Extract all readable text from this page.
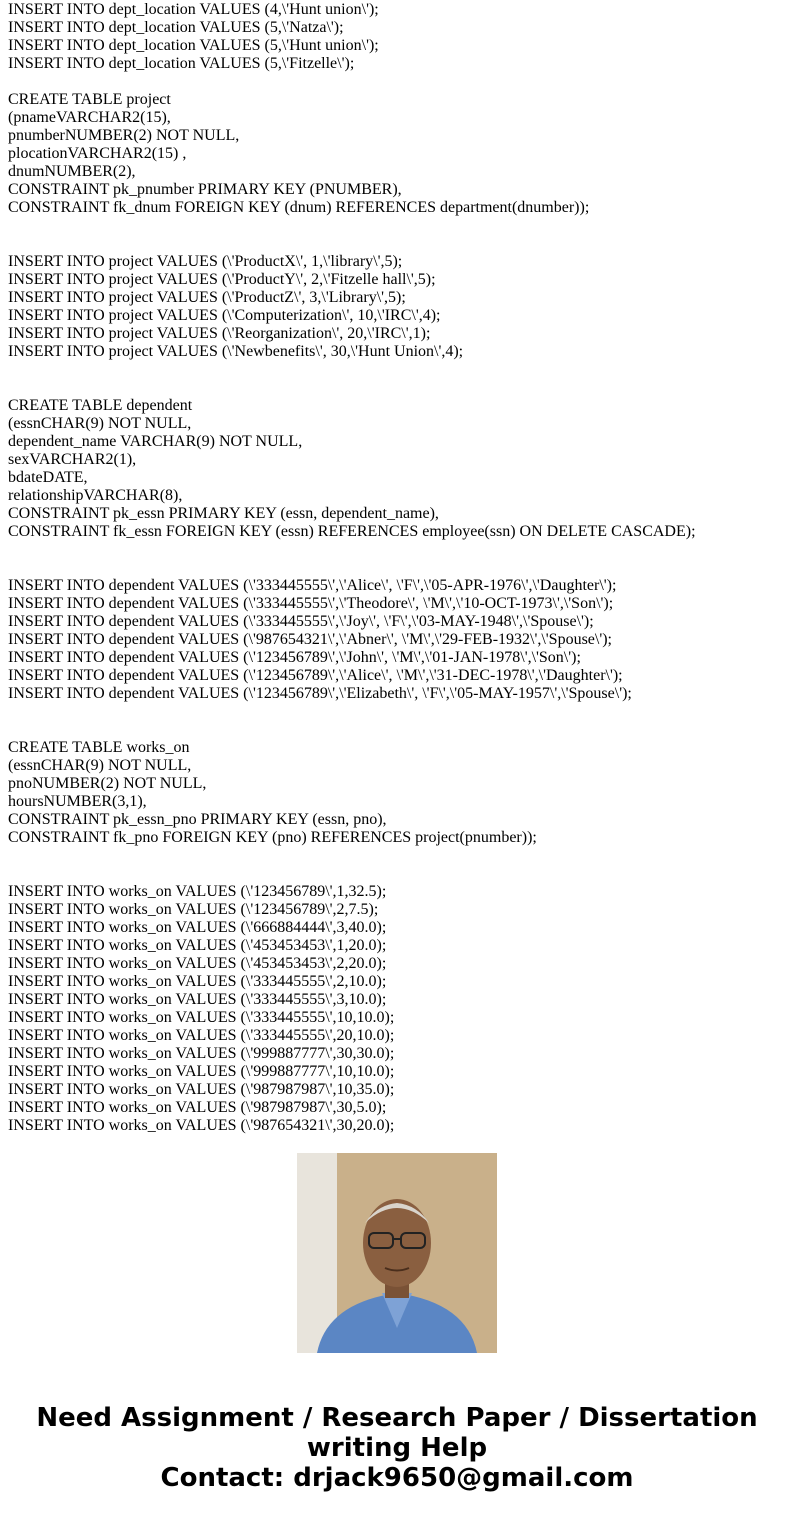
INSERT INTO dept_location VALUES (4,\'Hunt union\');
INSERT INTO dept_location VALUES (5,\'Natza\');
INSERT INTO dept_location VALUES (5,\'Hunt union\');
INSERT INTO dept_location VALUES (5,\'Fitzelle\');
CREATE TABLE project
(pnameVARCHAR2(15),
pnumberNUMBER(2) NOT NULL,
plocationVARCHAR2(15) ,
dnumNUMBER(2),
CONSTRAINT pk_pnumber PRIMARY KEY (PNUMBER),
CONSTRAINT fk_dnum FOREIGN KEY (dnum) REFERENCES department(dnumber));
INSERT INTO project VALUES (\'ProductX\', 1,\'library\',5);
INSERT INTO project VALUES (\'ProductY\', 2,\'Fitzelle hall\',5);
INSERT INTO project VALUES (\'ProductZ\', 3,\'Library\',5);
INSERT INTO project VALUES (\'Computerization\', 10,\'IRC\',4);
INSERT INTO project VALUES (\'Reorganization\', 20,\'IRC\',1);
INSERT INTO project VALUES (\'Newbenefits\', 30,\'Hunt Union\',4);
CREATE TABLE dependent
(essnCHAR(9) NOT NULL,
dependent_name VARCHAR(9) NOT NULL,
sexVARCHAR2(1),
bdateDATE,
relationshipVARCHAR(8),
CONSTRAINT pk_essn PRIMARY KEY (essn, dependent_name),
CONSTRAINT fk_essn FOREIGN KEY (essn) REFERENCES employee(ssn) ON DELETE CASCADE);
INSERT INTO dependent VALUES (\'333445555\',\'Alice\', \'F\',\'05-APR-1976\',\'Daughter\');
INSERT INTO dependent VALUES (\'333445555\',\'Theodore\', \'M\',\'10-OCT-1973\',\'Son\');
INSERT INTO dependent VALUES (\'333445555\',\'Joy\', \'F\',\'03-MAY-1948\',\'Spouse\');
INSERT INTO dependent VALUES (\'987654321\',\'Abner\', \'M\',\'29-FEB-1932\',\'Spouse\');
INSERT INTO dependent VALUES (\'123456789\',\'John\', \'M\',\'01-JAN-1978\',\'Son\');
INSERT INTO dependent VALUES (\'123456789\',\'Alice\', \'M\',\'31-DEC-1978\',\'Daughter\');
INSERT INTO dependent VALUES (\'123456789\',\'Elizabeth\', \'F\',\'05-MAY-1957\',\'Spouse\');
CREATE TABLE works_on
(essnCHAR(9) NOT NULL,
pnoNUMBER(2) NOT NULL,
hoursNUMBER(3,1),
CONSTRAINT pk_essn_pno PRIMARY KEY (essn, pno),
CONSTRAINT fk_pno FOREIGN KEY (pno) REFERENCES project(pnumber));
INSERT INTO works_on VALUES (\'123456789\',1,32.5);
INSERT INTO works_on VALUES (\'123456789\',2,7.5);
INSERT INTO works_on VALUES (\'666884444\',3,40.0);
INSERT INTO works_on VALUES (\'453453453\',1,20.0);
INSERT INTO works_on VALUES (\'453453453\',2,20.0);
INSERT INTO works_on VALUES (\'333445555\',2,10.0);
INSERT INTO works_on VALUES (\'333445555\',3,10.0);
INSERT INTO works_on VALUES (\'333445555\',10,10.0);
INSERT INTO works_on VALUES (\'333445555\',20,10.0);
INSERT INTO works_on VALUES (\'999887777\',30,30.0);
INSERT INTO works_on VALUES (\'999887777\',10,10.0);
INSERT INTO works_on VALUES (\'987987987\',10,35.0);
INSERT INTO works_on VALUES (\'987987987\',30,5.0);
INSERT INTO works_on VALUES (\'987654321\',30,20.0);
Need Assignment / Research Paper / Dissertation
writing Help
Contact: drjack9650@gmail.com
